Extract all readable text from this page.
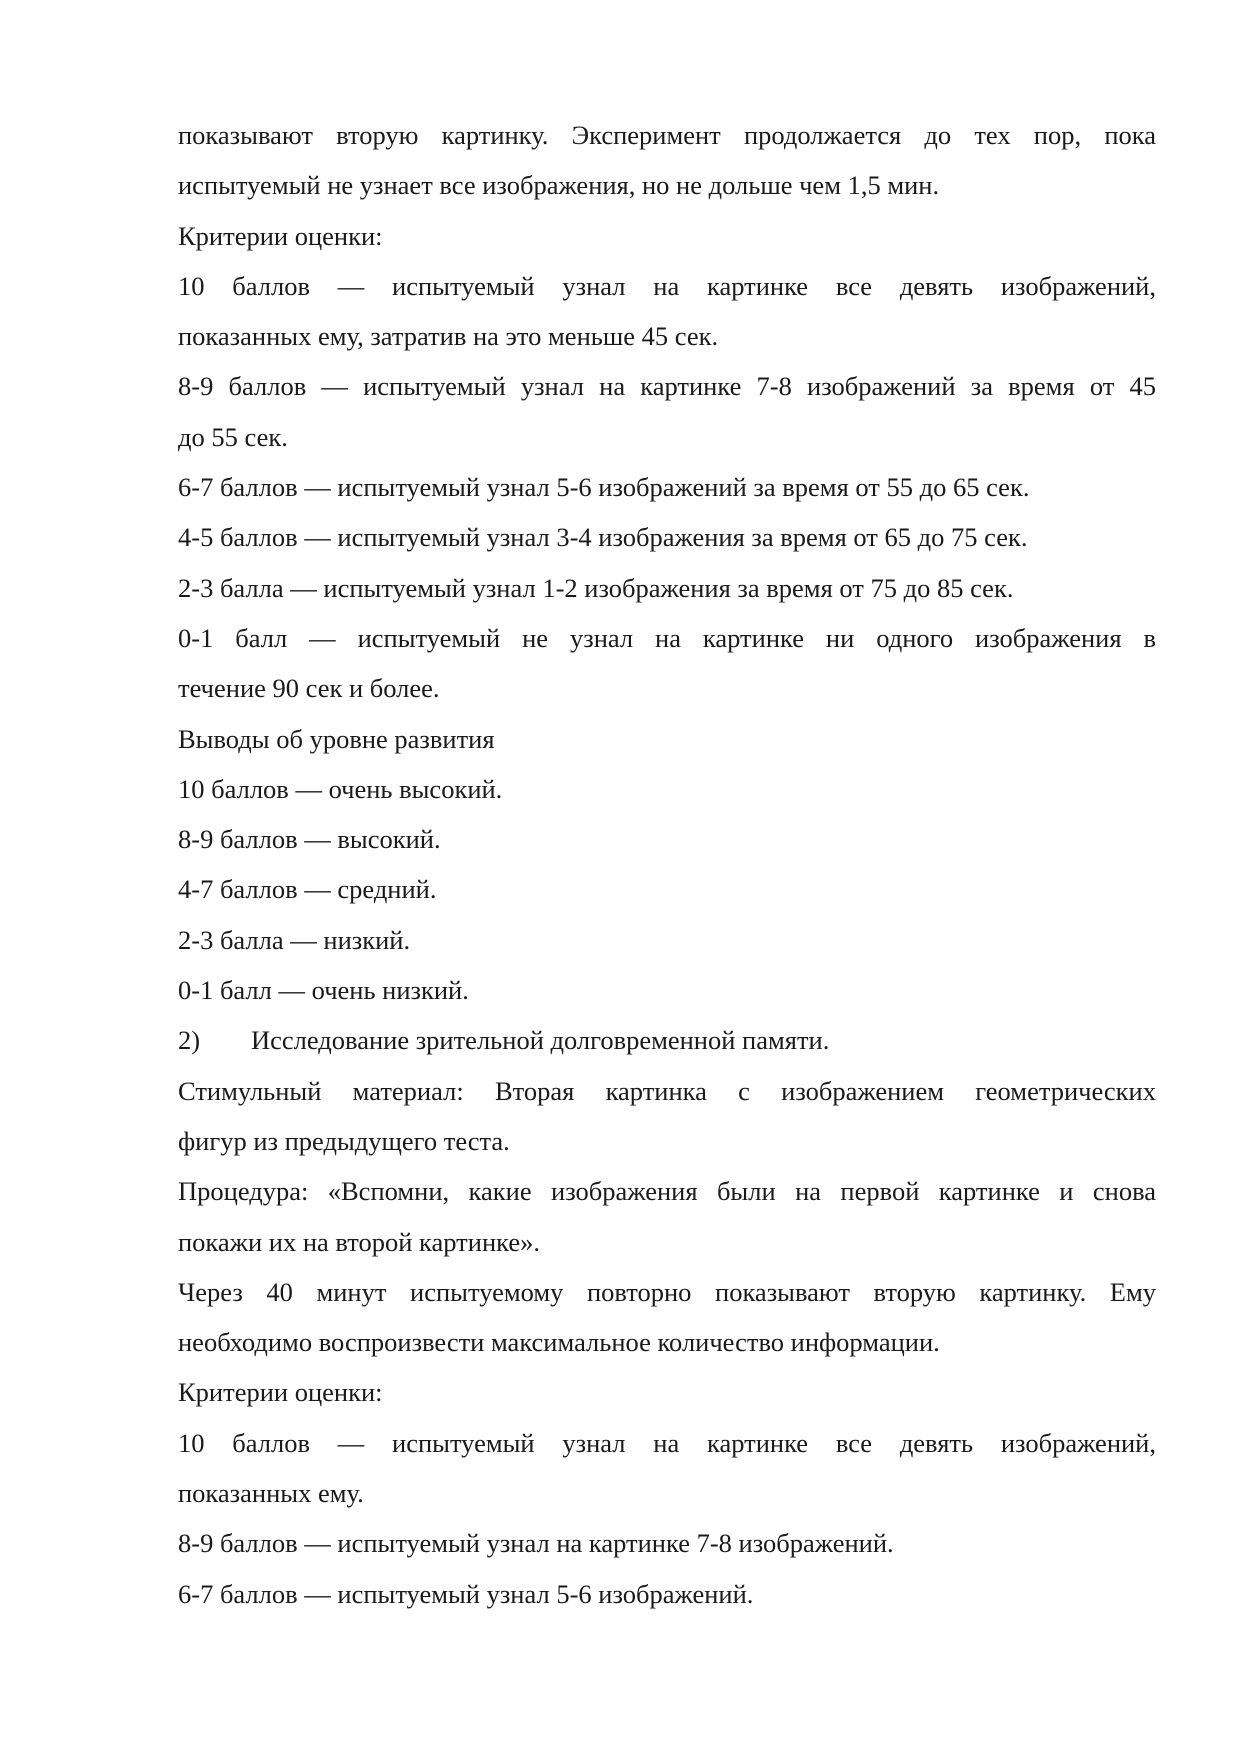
показывают вторую картинку. Эксперимент продолжается до тех пор, пока
испытуемый не узнает все изображения, но не дольше чем 1,5 мин.
Критерии оценки:
10 баллов — испытуемый узнал на картинке все девять изображений,
показанных ему, затратив на это меньше 45 сек.
8-9 баллов — испытуемый узнал на картинке 7-8 изображений за время от 45
до 55 сек.
6-7 баллов — испытуемый узнал 5-6 изображений за время от 55 до 65 сек.
4-5 баллов — испытуемый узнал 3-4 изображения за время от 65 до 75 сек.
2-3 балла — испытуемый узнал 1-2 изображения за время от 75 до 85 сек.
0-1 балл — испытуемый не узнал на картинке ни одного изображения в
течение 90 сек и более.
Выводы об уровне развития
10 баллов — очень высокий.
8-9 баллов — высокий.
4-7 баллов — средний.
2-3 балла — низкий.
0-1 балл — очень низкий.
2)	Исследование зрительной долговременной памяти.
Стимульный материал: Вторая картинка с изображением геометрических
фигур из предыдущего теста.
Процедура: «Вспомни, какие изображения были на первой картинке и снова
покажи их на второй картинке».
Через 40 минут испытуемому повторно показывают вторую картинку. Ему
необходимо воспроизвести максимальное количество информации.
Критерии оценки:
10 баллов — испытуемый узнал на картинке все девять изображений,
показанных ему.
8-9 баллов — испытуемый узнал на картинке 7-8 изображений.
6-7 баллов — испытуемый узнал 5-6 изображений.
